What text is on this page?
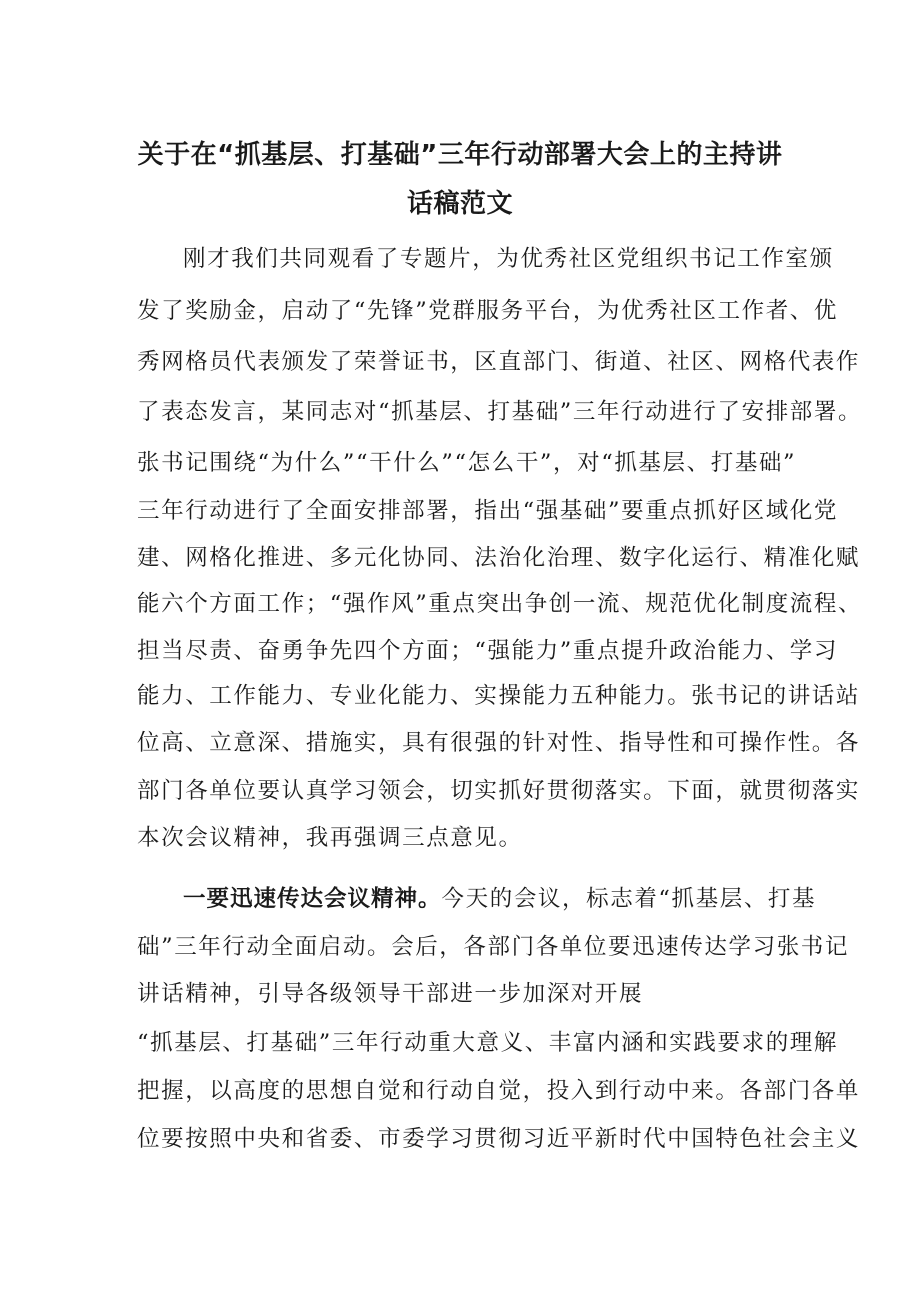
关于在“抓基层、打基础”三年行动部署大会上的主持讲
话稿范文
刚才我们共同观看了专题片，为优秀社区党组织书记工作室颁
发了奖励金，启动了“先锋”党群服务平台，为优秀社区工作者、优
秀网格员代表颁发了荣誉证书，区直部门、街道、社区、网格代表作
了表态发言，某同志对“抓基层、打基础”三年行动进行了安排部署。
张书记围绕“为什么”“干什么”“怎么干”，对“抓基层、打基础”
三年行动进行了全面安排部署，指出“强基础”要重点抓好区域化党
建、网格化推进、多元化协同、法治化治理、数字化运行、精准化赋
能六个方面工作；“强作风”重点突出争创一流、规范优化制度流程、
担当尽责、奋勇争先四个方面；“强能力”重点提升政治能力、学习
能力、工作能力、专业化能力、实操能力五种能力。张书记的讲话站
位高、立意深、措施实，具有很强的针对性、指导性和可操作性。各
部门各单位要认真学习领会，切实抓好贯彻落实。下面，就贯彻落实
本次会议精神，我再强调三点意见。
一要迅速传达会议精神。今天的会议，标志着“抓基层、打基
础”三年行动全面启动。会后，各部门各单位要迅速传达学习张书记
讲话精神，引导各级领导干部进一步加深对开展
“抓基层、打基础”三年行动重大意义、丰富内涵和实践要求的理解
把握，以高度的思想自觉和行动自觉，投入到行动中来。各部门各单
位要按照中央和省委、市委学习贯彻习近平新时代中国特色社会主义
